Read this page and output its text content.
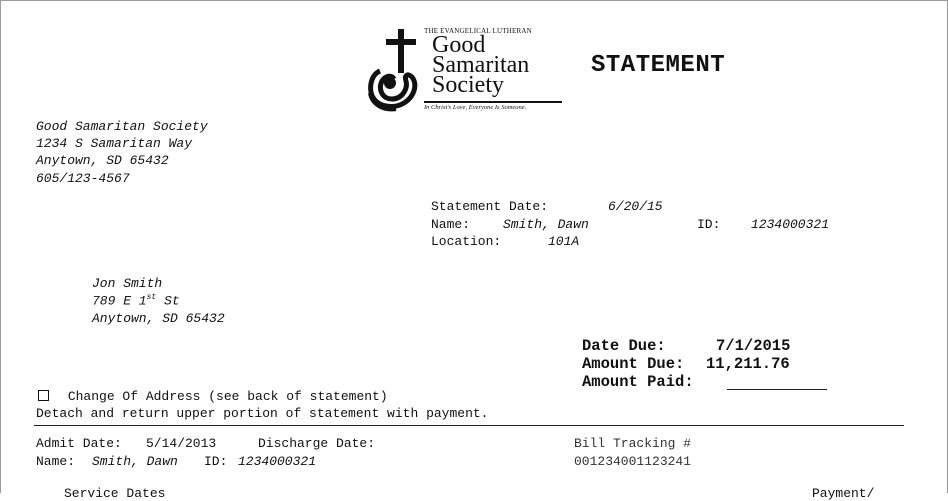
THE EVANGELICAL LUTHERAN
Good
Samaritan
Society
In Christ's Love, Everyone Is Someone.
STATEMENT
Good Samaritan Society
1234 S Samaritan Way
Anytown, SD 65432
605/123-4567
Statement Date:	6/20/15
Name:	Smith, Dawn	ID: 1234000321
Location:	101A
Jon Smith
789 E 1st St
Anytown, SD 65432
Date Due:	7/1/2015
Amount Due: 11,211.76
Amount Paid:
Change Of Address (see back of statement)
Detach and return upper portion of statement with payment.
Admit Date: 5/14/2013	Discharge Date:
Name: Smith, Dawn ID: 1234000321
Bill Tracking #
001234001123241
Service Dates	Payment/
